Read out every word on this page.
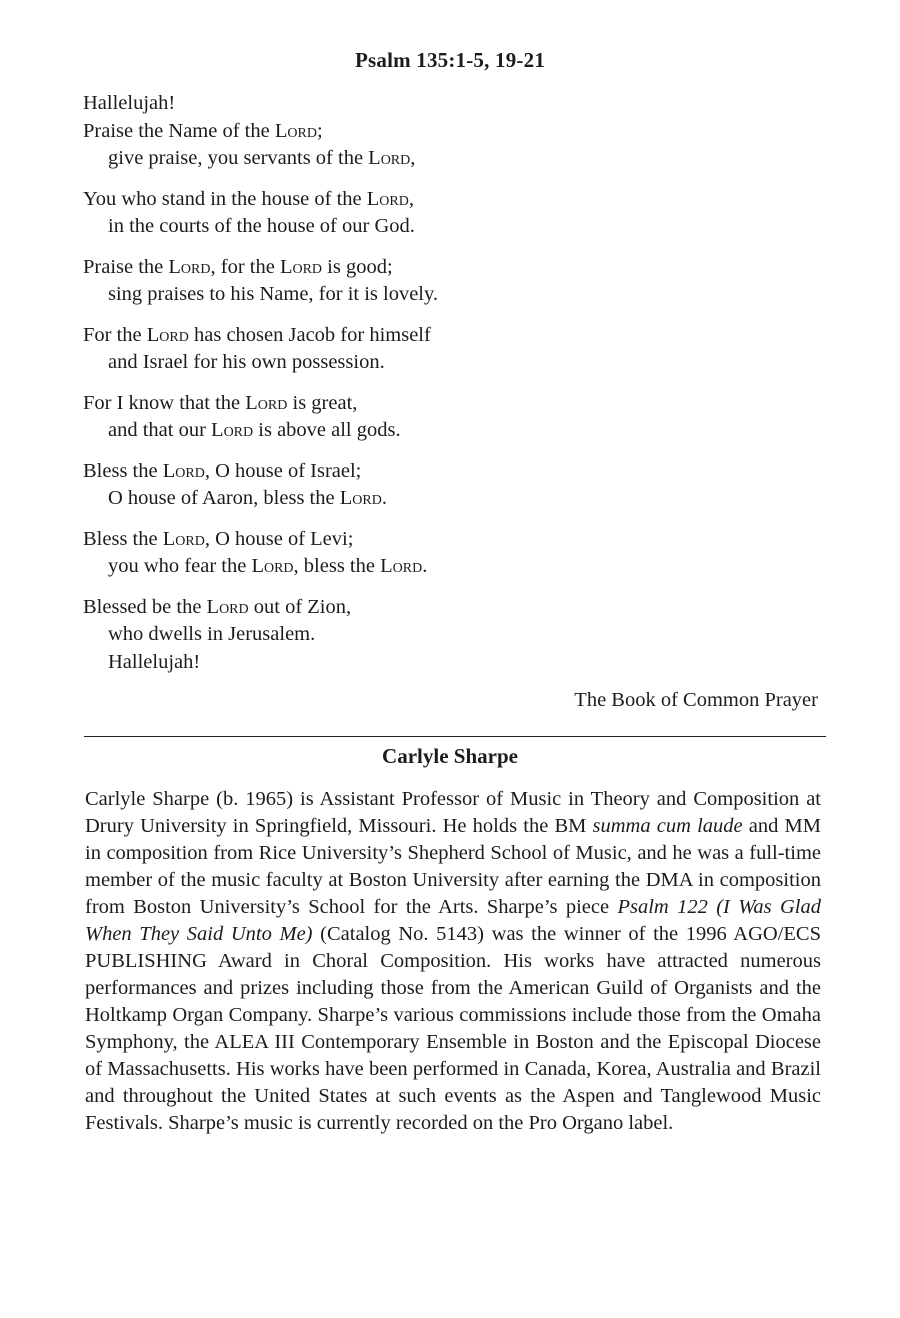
Psalm 135:1-5, 19-21
Hallelujah!
Praise the Name of the Lord;
give praise, you servants of the Lord,
You who stand in the house of the Lord,
in the courts of the house of our God.
Praise the Lord, for the Lord is good;
sing praises to his Name, for it is lovely.
For the Lord has chosen Jacob for himself
and Israel for his own possession.
For I know that the Lord is great,
and that our Lord is above all gods.
Bless the Lord, O house of Israel;
O house of Aaron, bless the Lord.
Bless the Lord, O house of Levi;
you who fear the Lord, bless the Lord.
Blessed be the Lord out of Zion,
who dwells in Jerusalem.
Hallelujah!
The Book of Common Prayer
Carlyle Sharpe

Carlyle Sharpe (b. 1965) is Assistant Professor of Music in Theory and Composition at Drury University in Springfield, Missouri. He holds the BM summa cum laude and MM in composition from Rice University’s Shepherd School of Music, and he was a full-time member of the music faculty at Boston University after earning the DMA in composition from Boston University’s School for the Arts. Sharpe’s piece Psalm 122 (I Was Glad When They Said Unto Me) (Catalog No. 5143) was the winner of the 1996 AGO/ECS PUBLISHING Award in Choral Composition. His works have attracted numerous performances and prizes including those from the American Guild of Organists and the Holtkamp Organ Company. Sharpe’s various commissions include those from the Omaha Symphony, the ALEA III Contemporary Ensemble in Boston and the Episcopal Diocese of Massachusetts. His works have been performed in Canada, Korea, Australia and Brazil and throughout the United States at such events as the Aspen and Tanglewood Music Festivals. Sharpe’s music is currently recorded on the Pro Organo label.
